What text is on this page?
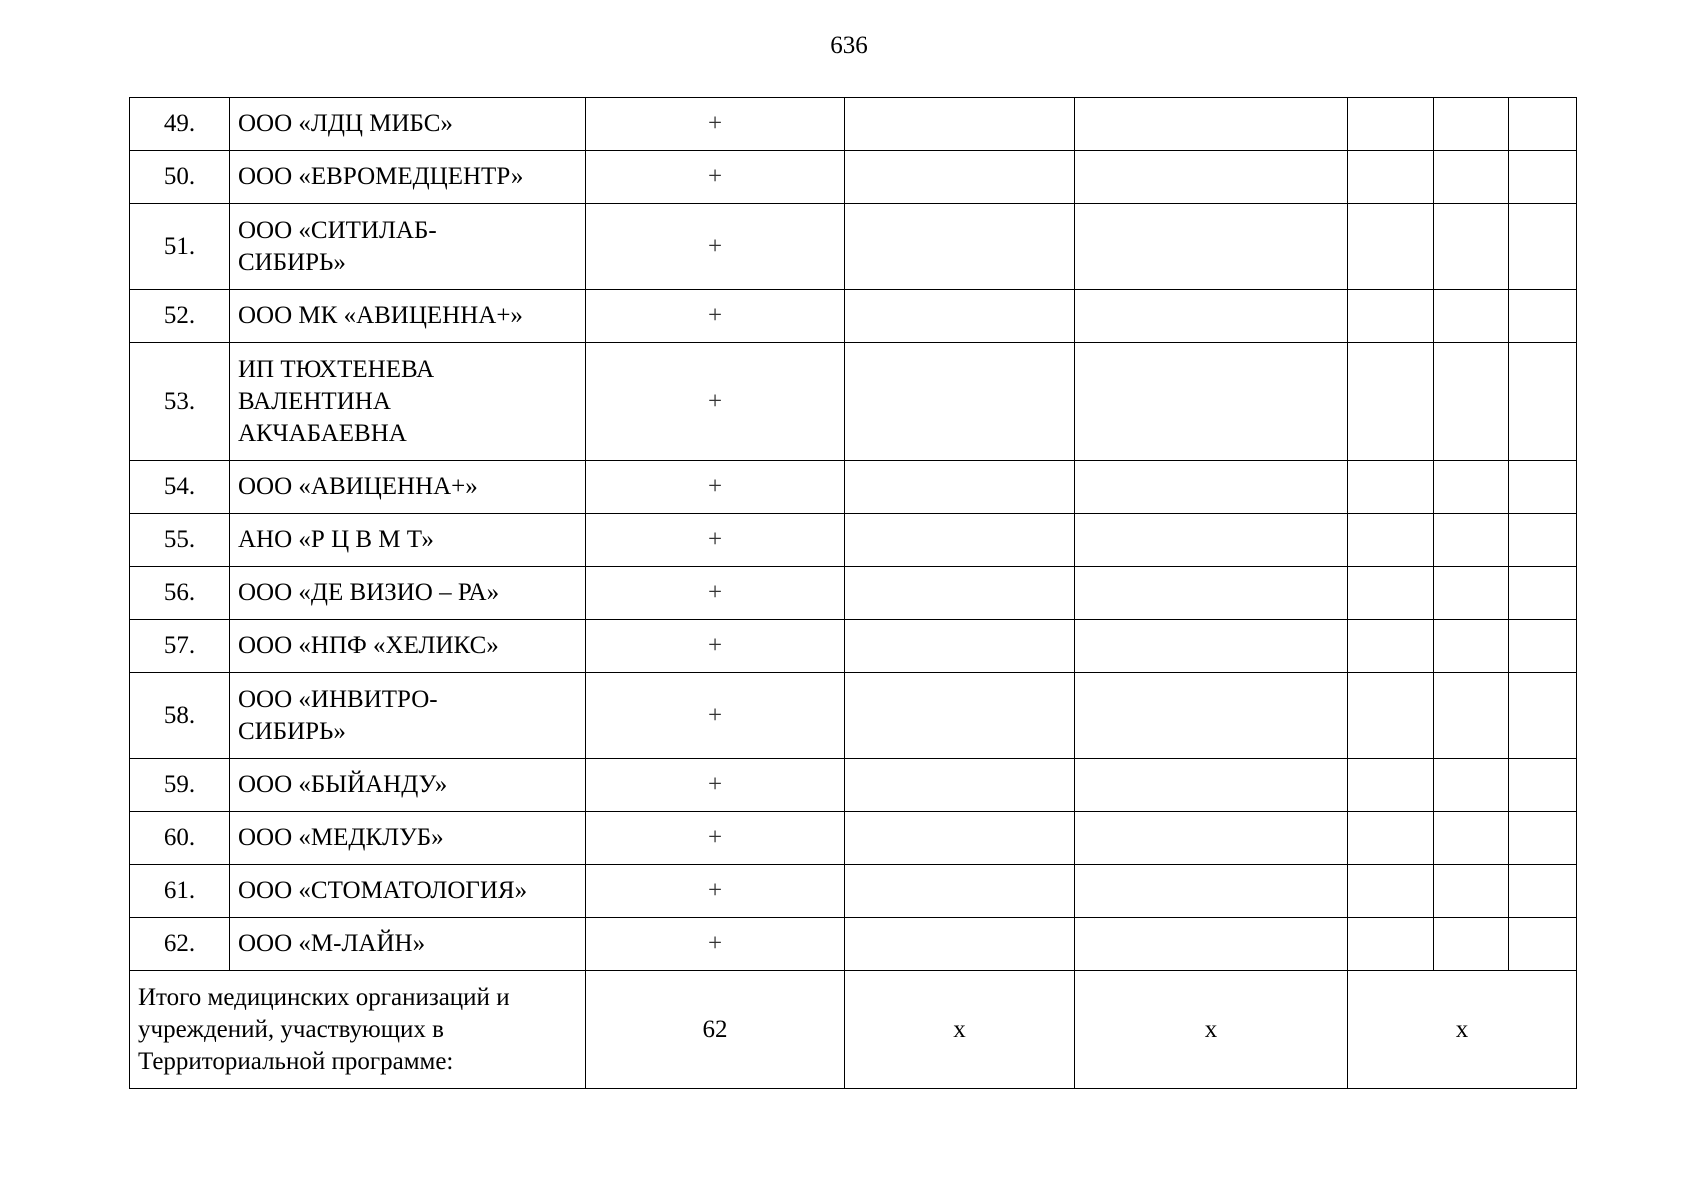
636
49.	ООО «ЛДЦ МИБС»	+					
50.	ООО «ЕВРОМЕДЦЕНТР»	+					
51.	ООО «СИТИЛАБ-
СИБИРЬ»	+					
52.	ООО МК «АВИЦЕННА+»	+					
53.	ИП ТЮХТЕНЕВА
ВАЛЕНТИНА
АКЧАБАЕВНА	+					
54.	ООО «АВИЦЕННА+»	+					
55.	АНО «Р Ц В М Т»	+					
56.	ООО «ДЕ ВИЗИО – РА»	+					
57.	ООО «НПФ «ХЕЛИКС»	+					
58.	ООО «ИНВИТРО-
СИБИРЬ»	+					
59.	ООО «БЫЙАНДУ»	+					
60.	ООО «МЕДКЛУБ»	+					
61.	ООО «СТОМАТОЛОГИЯ»	+					
62.	ООО «М-ЛАЙН»	+					

Итого медицинских организаций и
учреждений, участвующих в
Территориальной программе:		62	х	х	х		
